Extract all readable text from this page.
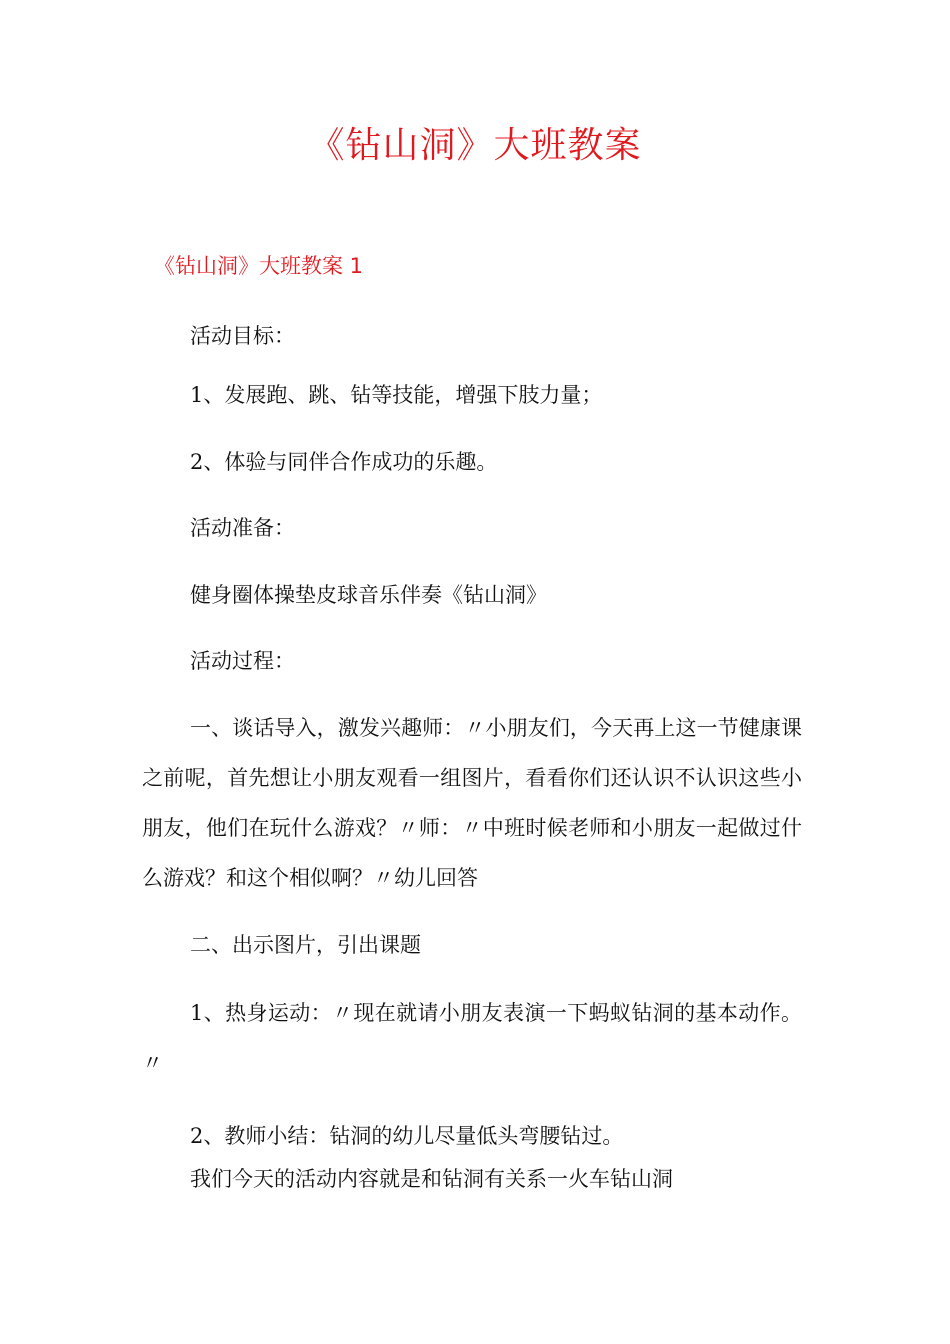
《钻山洞》大班教案
《钻山洞》大班教案 1

活动目标：

1、发展跑、跳、钻等技能，增强下肢力量；

2、体验与同伴合作成功的乐趣。

活动准备：

健身圈体操垫皮球音乐伴奏《钻山洞》

活动过程：

一、谈话导入，激发兴趣师：〃小朋友们，今天再上这一节健康课之前呢，首先想让小朋友观看一组图片，看看你们还认识不认识这些小朋友，他们在玩什么游戏？〃师：〃中班时候老师和小朋友一起做过什么游戏？和这个相似啊？〃幼儿回答

二、出示图片，引出课题

1、热身运动：〃现在就请小朋友表演一下蚂蚁钻洞的基本动作。〃

2、教师小结：钻洞的幼儿尽量低头弯腰钻过。

我们今天的活动内容就是和钻洞有关系一火车钻山洞
